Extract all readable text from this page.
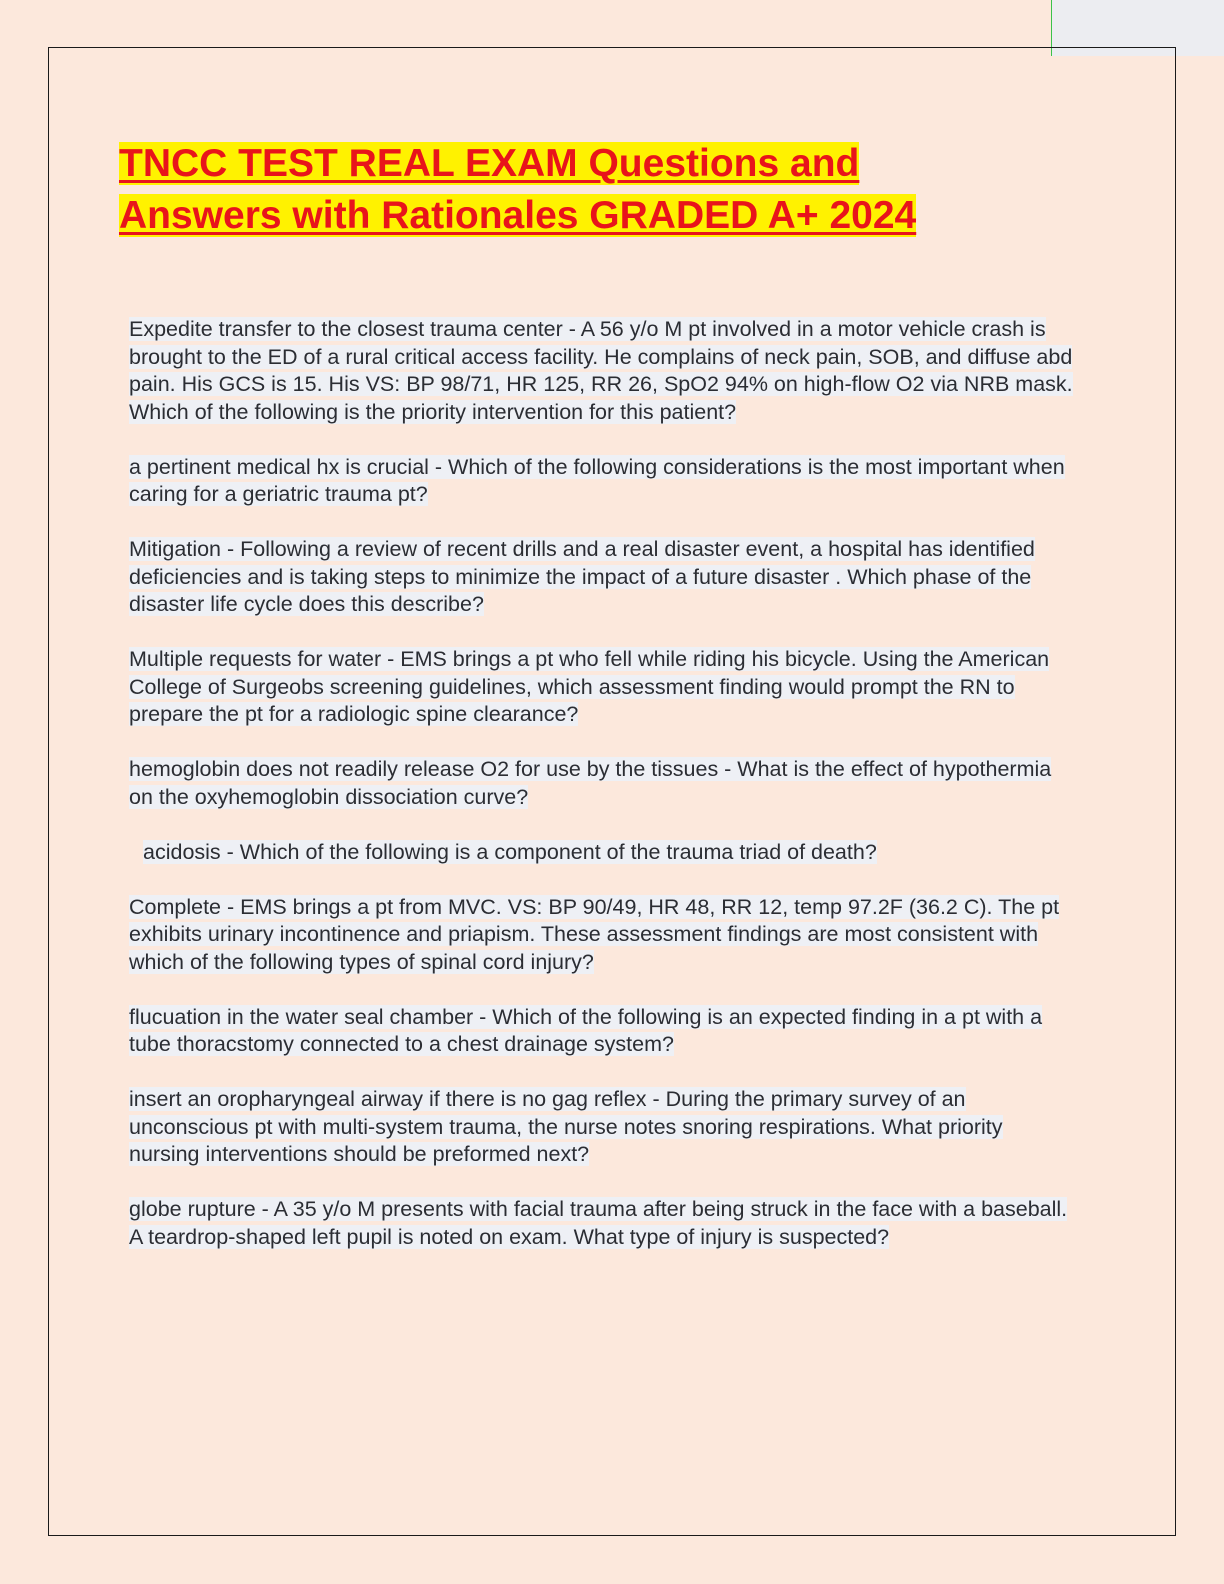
TNCC TEST REAL EXAM Questions and
Answers with Rationales GRADED A+ 2024

Expedite transfer to the closest trauma center - A 56 y/o M pt involved in a motor vehicle crash is brought to the ED of a rural critical access facility. He complains of neck pain, SOB, and diffuse abd pain. His GCS is 15. His VS: BP 98/71, HR 125, RR 26, SpO2 94% on high-flow O2 via NRB mask. Which of the following is the priority intervention for this patient?

a pertinent medical hx is crucial - Which of the following considerations is the most important when caring for a geriatric trauma pt?

Mitigation - Following a review of recent drills and a real disaster event, a hospital has identified deficiencies and is taking steps to minimize the impact of a future disaster . Which phase of the disaster life cycle does this describe?

Multiple requests for water - EMS brings a pt who fell while riding his bicycle. Using the American College of Surgeobs screening guidelines, which assessment finding would prompt the RN to prepare the pt for a radiologic spine clearance?

hemoglobin does not readily release O2 for use by the tissues - What is the effect of hypothermia on the oxyhemoglobin dissociation curve?

acidosis - Which of the following is a component of the trauma triad of death?

Complete - EMS brings a pt from MVC. VS: BP 90/49, HR 48, RR 12, temp 97.2F (36.2 C). The pt exhibits urinary incontinence and priapism. These assessment findings are most consistent with which of the following types of spinal cord injury?

flucuation in the water seal chamber - Which of the following is an expected finding in a pt with a tube thoracstomy connected to a chest drainage system?

insert an oropharyngeal airway if there is no gag reflex - During the primary survey of an unconscious pt with multi-system trauma, the nurse notes snoring respirations. What priority nursing interventions should be preformed next?

globe rupture - A 35 y/o M presents with facial trauma after being struck in the face with a baseball. A teardrop-shaped left pupil is noted on exam. What type of injury is suspected?
